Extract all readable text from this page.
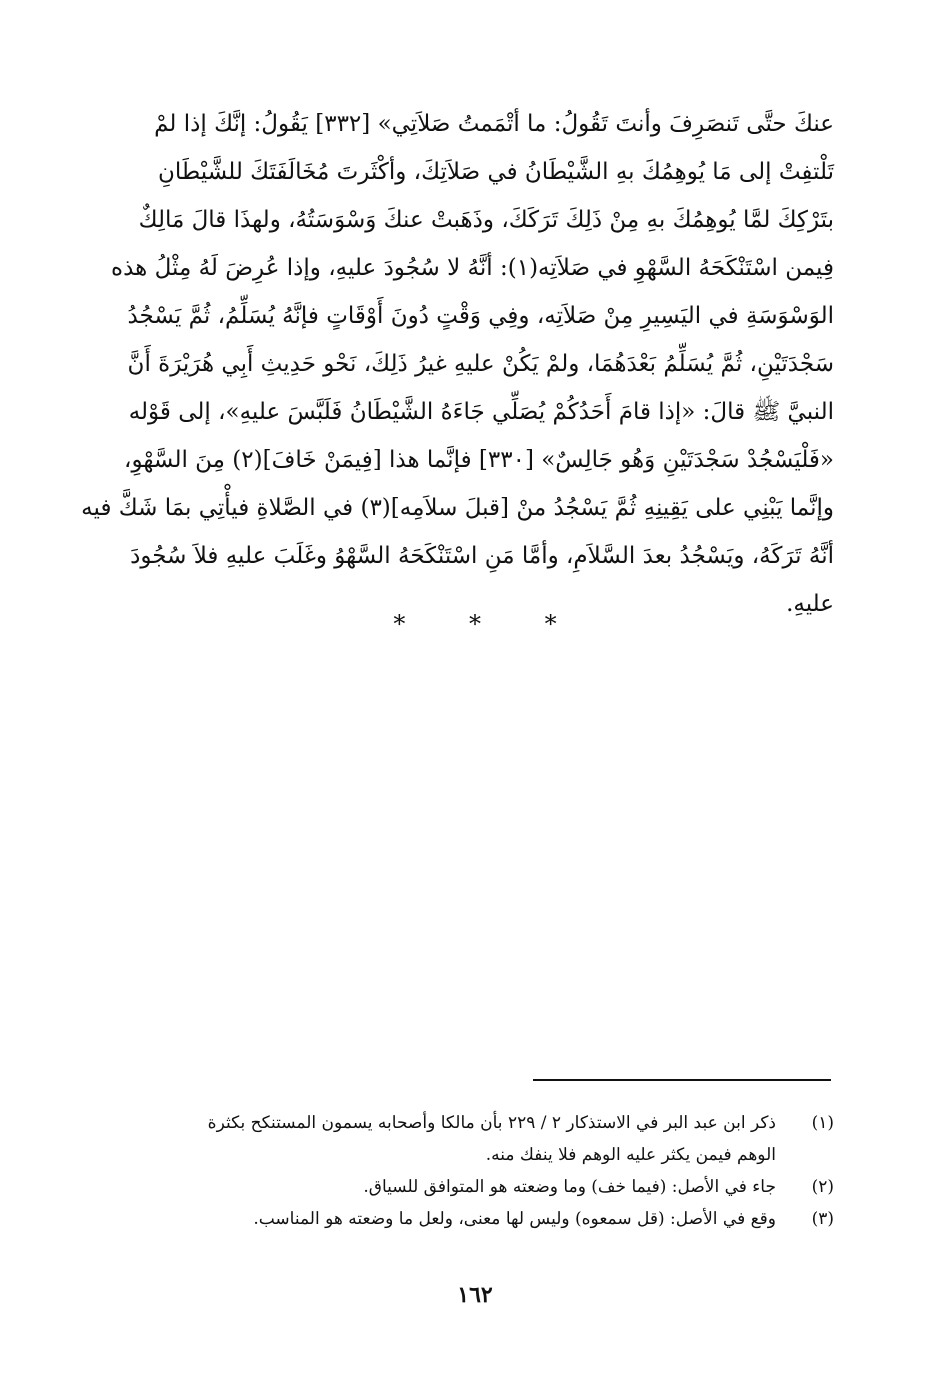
عنكَ حتَّى تَنصَرِفَ وأنتَ تَقُولُ: ما أتْمَمتُ صَلاَتِي» [٣٣٢] يَقُولُ: إنَّكَ إذا لمْ
تَلْتفِتْ إلى مَا يُوهِمُكَ بهِ الشَّيْطَانُ في صَلاَتِكَ، وأكْثَرتَ مُخَالَفَتَكَ للشَّيْطَانِ
بتَرْكِكَ لمَّا يُوهِمُكَ بهِ مِنْ ذَلِكَ تَرَكَكَ، وذَهَبتْ عنكَ وَسْوَسَتُهُ، ولهذَا قالَ مَالِكٌ
فِيمن اسْتَنْكَحَهُ السَّهْوِ في صَلاَتِه(١): أنَّهُ لا سُجُودَ عليهِ، وإذا عُرِضَ لَهُ مِثْلُ هذه
الوَسْوَسَةِ في اليَسِيرِ مِنْ صَلاَتِه، وفِي وَقْتٍ دُونَ أَوْقَاتٍ فإنَّهُ يُسَلِّمُ، ثُمَّ يَسْجُدُ
سَجْدَتَيْنِ، ثُمَّ يُسَلِّمُ بَعْدَهُمَا، ولمْ يَكُنْ عليهِ غيرُ ذَلِكَ، نَحْو حَدِيثِ أَبِي هُرَيْرَةَ أَنَّ
النبيَّ ﷺ قالَ: «إذا قامَ أَحَدُكُمْ يُصَلِّي جَاءَهُ الشَّيْطَانُ فَلَبَّسَ عليهِ»، إلى قَوْله
«فَلْيَسْجُدْ سَجْدَتَيْنِ وَهُو جَالِسٌ» [٣٣٠] فإنَّما هذا [فِيمَنْ خَافَ](٢) مِنَ السَّهْوِ،
وإنَّما يَبْنِي على يَقِينِهِ ثُمَّ يَسْجُدُ منْ [قبلَ سلاَمِه](٣) في الصَّلاةِ فيأْتِي بمَا شَكَّ فيه
أنَّهُ تَرَكَهُ، ويَسْجُدُ بعدَ السَّلاَمِ، وأمَّا مَنِ اسْتَنْكَحَهُ السَّهْوُ وغَلَبَ عليهِ فلاَ سُجُودَ
عليهِ.
* * *
(١)
ذكر ابن عبد البر في الاستذكار ٢ / ٢٢٩ بأن مالكا وأصحابه يسمون المستنكح بكثرة
الوهم فيمن يكثر عليه الوهم فلا ينفك منه.
(٢)
جاء في الأصل: (فيما خف) وما وضعته هو المتوافق للسياق.
(٣)
وقع في الأصل: (قل سمعوه) وليس لها معنى، ولعل ما وضعته هو المناسب.
١٦٢
